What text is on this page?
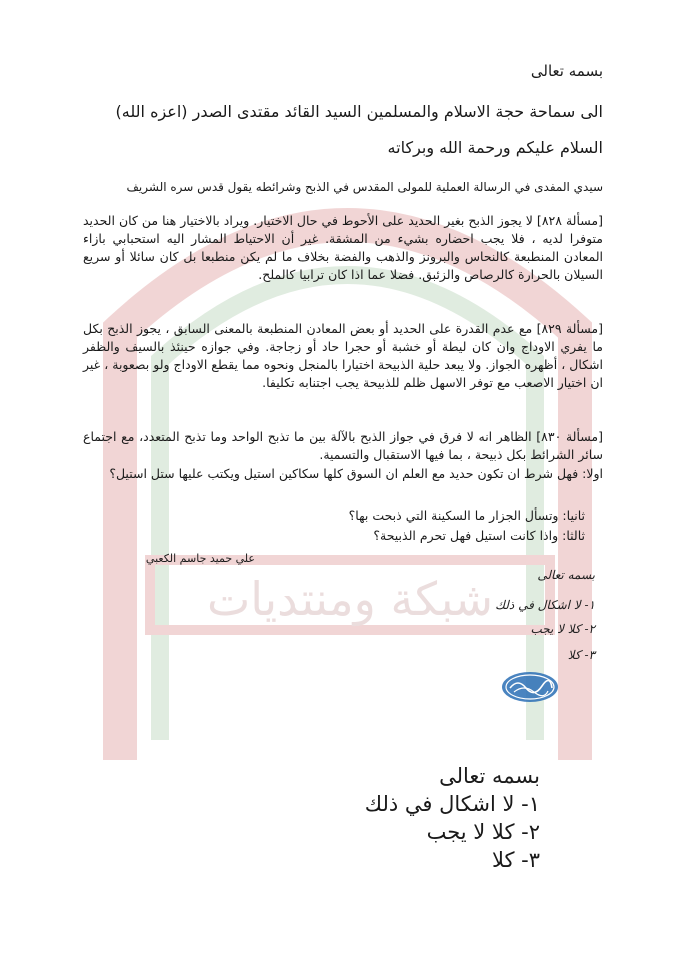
شبكة ومنتديات
بسمه تعالى
الى سماحة حجة الاسلام والمسلمين السيد القائد مقتدى الصدر (اعزه الله)
السلام عليكم ورحمة الله وبركاته
سيدي المفدى في الرسالة العملية للمولى المقدس في الذبح وشرائطه يقول قدس سره الشريف
[مسألة ٨٢٨] لا يجوز الذبح بغير الحديد على الأحوط في حال الاختيار. ويراد بالاختيار هنا من كان الحديد متوفرا لديه ، فلا يجب احضاره بشيء من المشقة. غير أن الاحتياط المشار اليه استحبابي بازاء المعادن المنطبعة كالنحاس والبرونز والذهب والفضة بخلاف ما لم يكن منطبعا بل كان سائلا أو سريع السيلان بالحرارة كالرصاص والزئبق. فضلا عما اذا كان ترابيا كالملح.
[مسألة ٨٢٩] مع عدم القدرة على الحديد أو بعض المعادن المنطبعة بالمعنى السابق ، يجوز الذبح بكل ما يفري الاوداج وان كان ليطة أو خشبة أو حجرا حاد أو زجاجة. وفي جوازه حينئذ بالسيف والظفر اشكال ، أظهره الجواز. ولا يبعد حلية الذبيحة اختيارا بالمنجل ونحوه مما يقطع الاوداج ولو بصعوبة ، غير ان اختيار الاصعب مع توفر الاسهل ظلم للذبيحة يجب اجتنابه تكليفا.
[مسألة ٨٣٠] الظاهر انه لا فرق في جواز الذبح بالآلة بين ما تذبح الواحد وما تذبح المتعدد، مع اجتماع سائر الشرائط بكل ذبيحة ، بما فيها الاستقبال والتسمية.
اولا: فهل شرط ان تكون حديد مع العلم ان السوق كلها سكاكين استيل ويكتب عليها ستل استيل؟
ثانيا: وتسأل الجزار ما السكينة التي ذبحت بها؟
ثالثا: واذا كانت استيل فهل تحرم الذبيحة؟
علي حميد جاسم الكعبي
بسمه تعالى
١- لا اشكال في ذلك
٢- كلا لا يجب
٣- كلا
بسمه تعالى
١- لا اشكال في ذلك
٢- كلا لا يجب
٣- كلا
